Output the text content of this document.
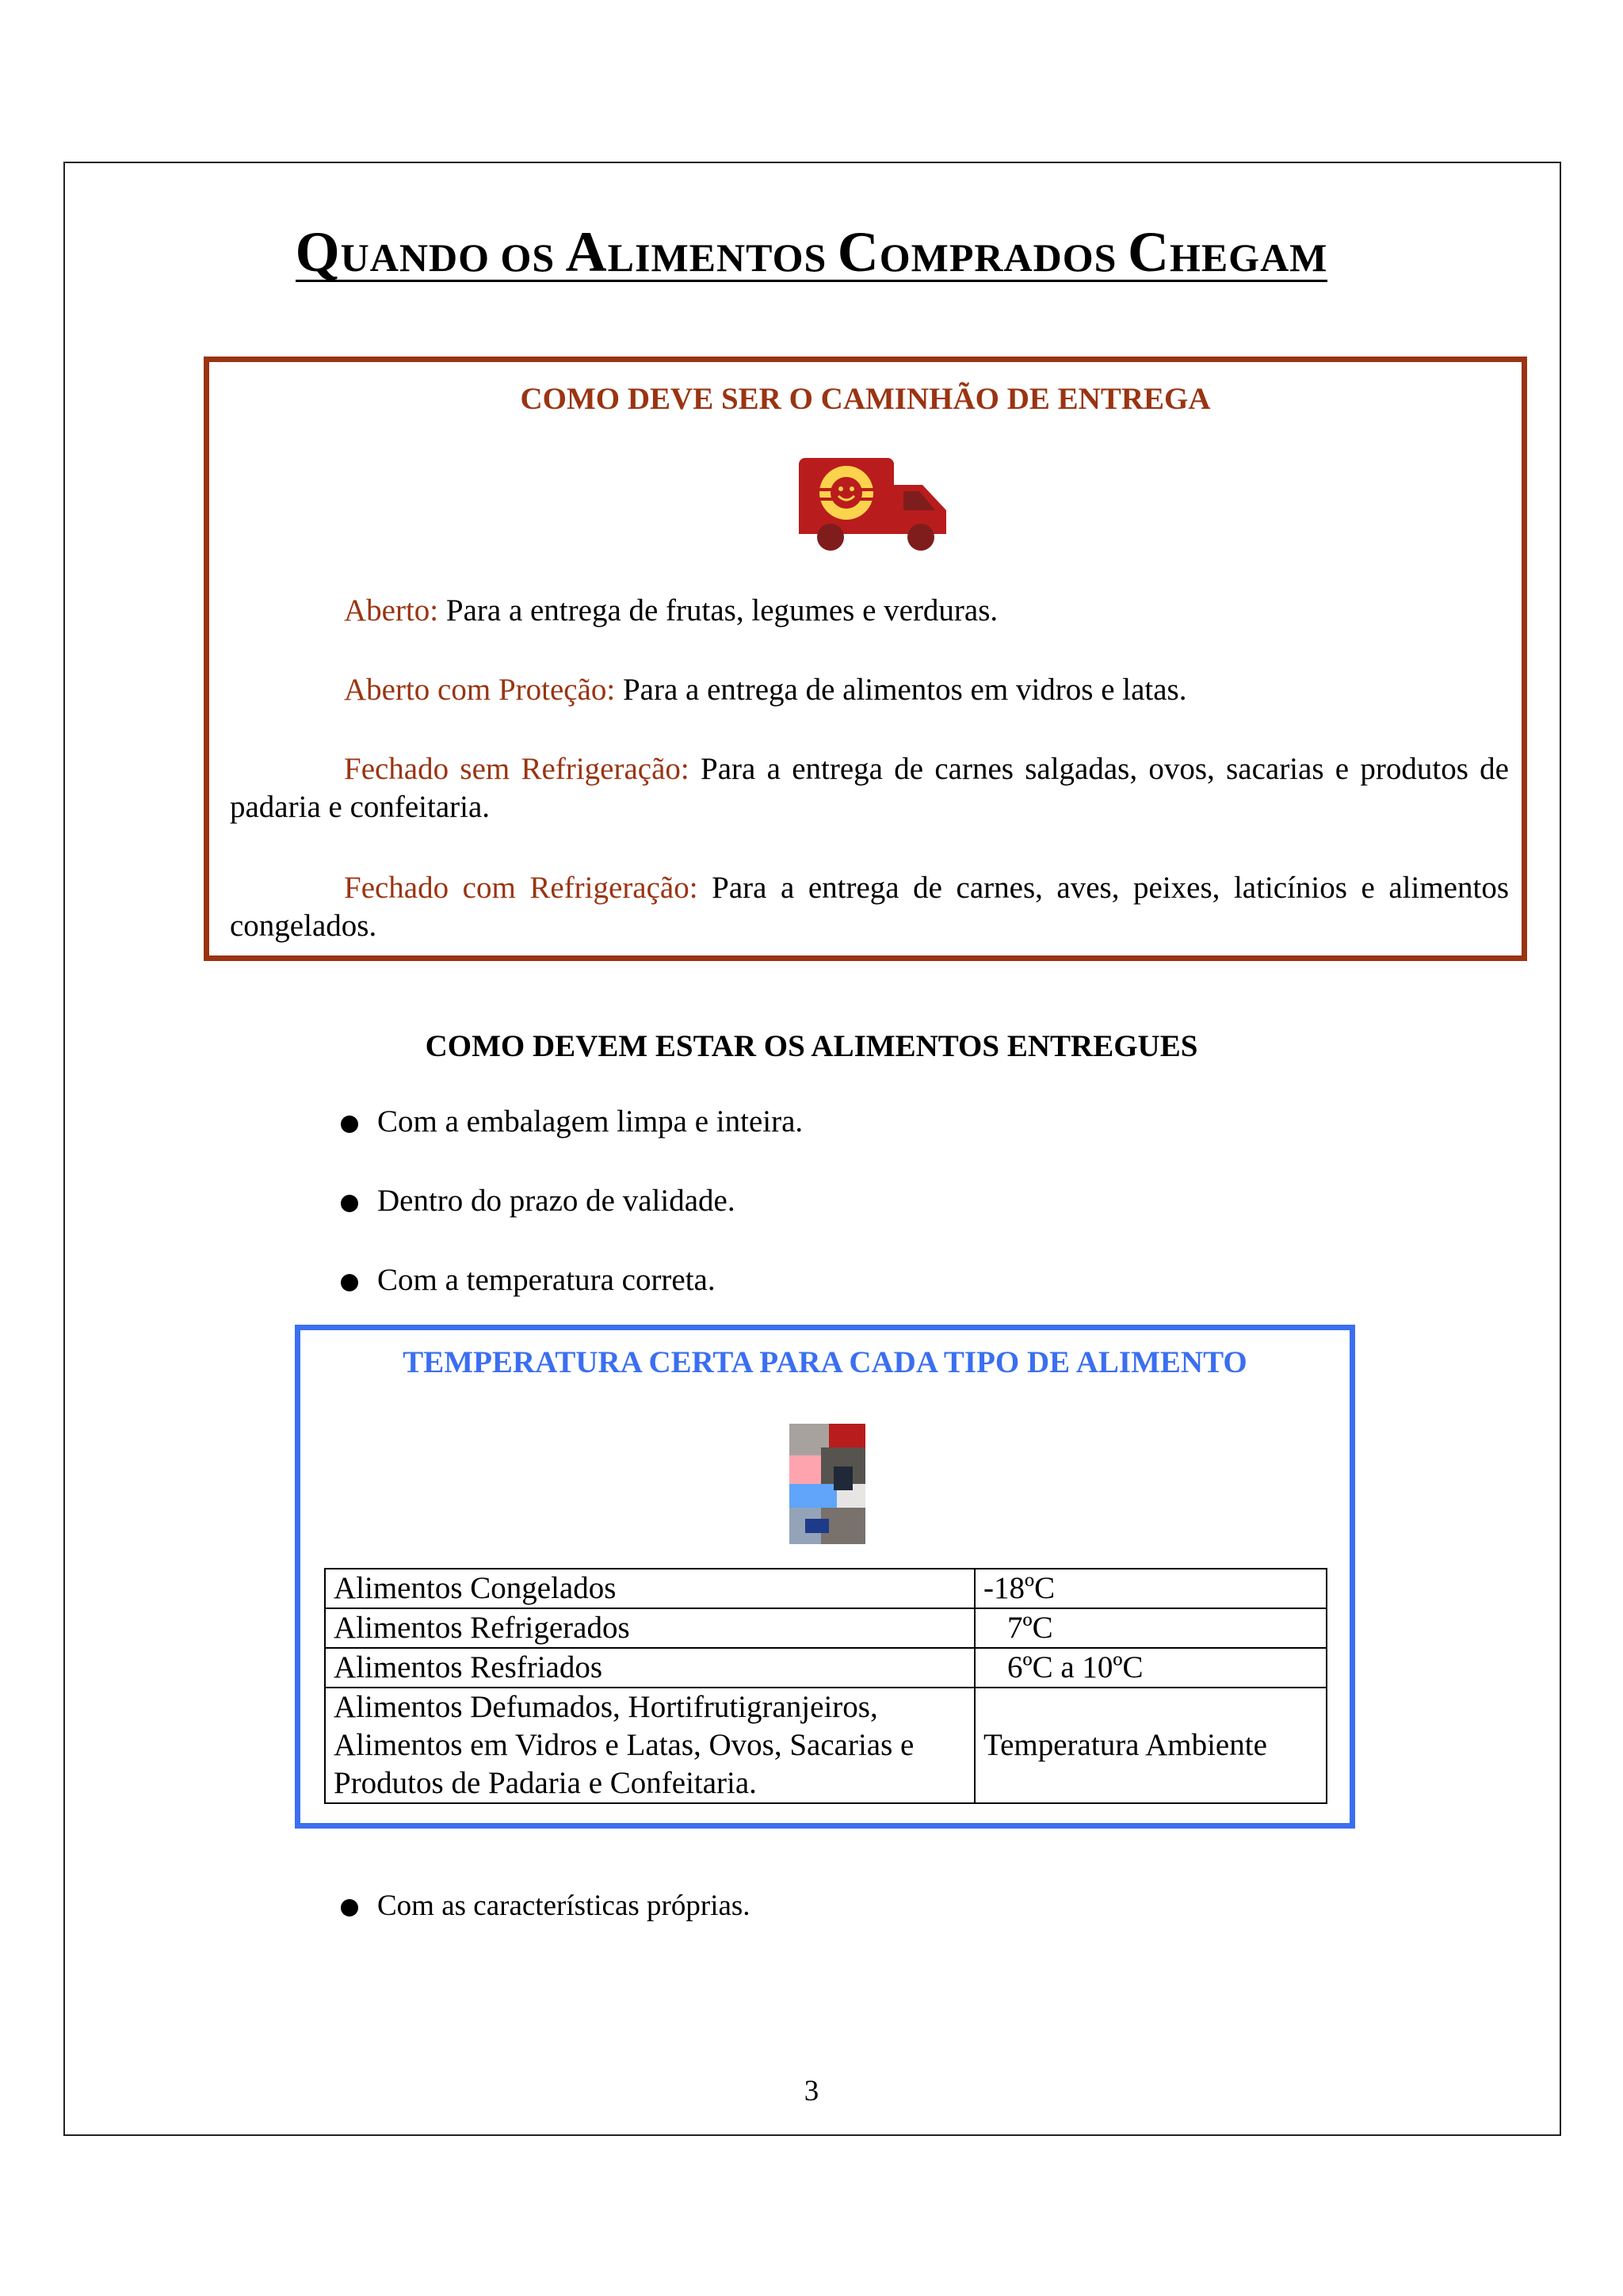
QUANDO OS ALIMENTOS COMPRADOS CHEGAM
COMO DEVE SER O CAMINHÃO DE ENTREGA
Aberto: Para a entrega de frutas, legumes e verduras.
Aberto com Proteção: Para a entrega de alimentos em vidros e latas.
Fechado sem Refrigeração: Para a entrega de carnes salgadas, ovos, sacarias e produtos de padaria e confeitaria.
Fechado com Refrigeração: Para a entrega de carnes, aves, peixes, laticínios e alimentos congelados.
COMO DEVEM ESTAR OS ALIMENTOS ENTREGUES
Com a embalagem limpa e inteira.
Dentro do prazo de validade.
Com a temperatura correta.
TEMPERATURA CERTA PARA CADA TIPO DE ALIMENTO
Alimentos Congelados	-18ºC
Alimentos Refrigerados	7ºC
Alimentos Resfriados	6ºC a 10ºC
Alimentos Defumados, Hortifrutigranjeiros, Alimentos em Vidros e Latas, Ovos, Sacarias e Produtos de Padaria e Confeitaria.	Temperatura Ambiente
Com as características próprias.
3
